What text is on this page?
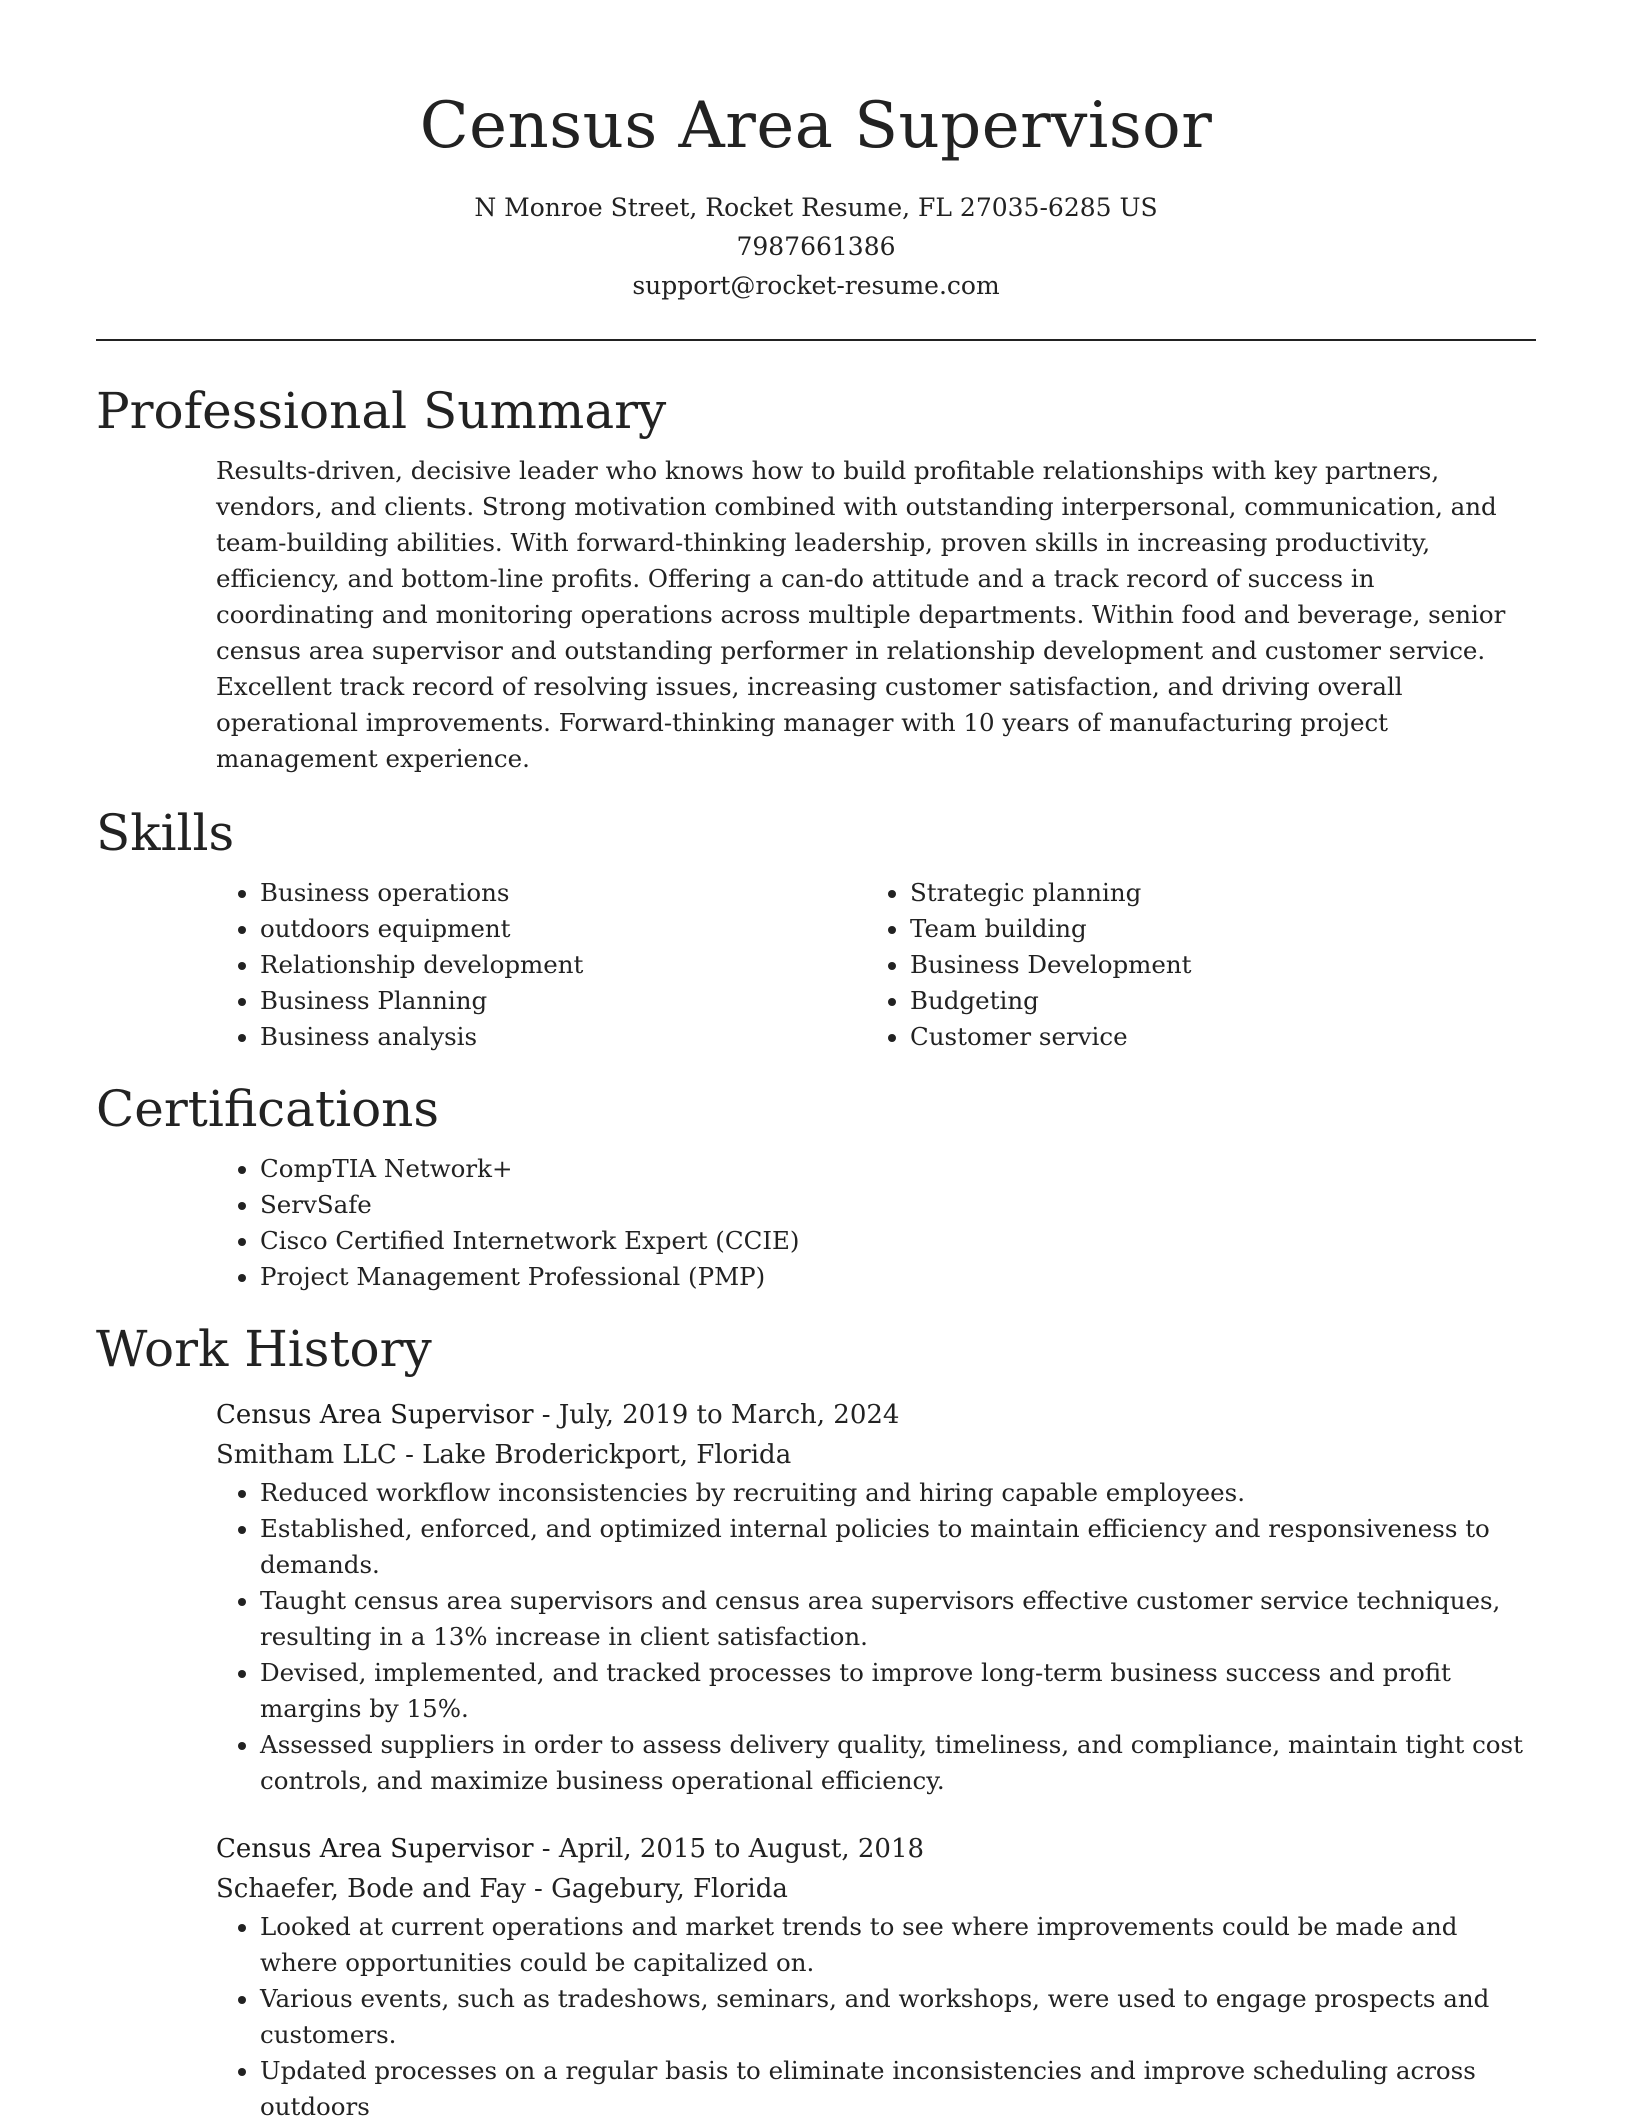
Census Area Supervisor
N Monroe Street, Rocket Resume, FL 27035-6285 US
7987661386
support@rocket-resume.com
Professional Summary

Results-driven, decisive leader who knows how to build profitable relationships with key partners, vendors, and clients. Strong motivation combined with outstanding interpersonal, communication, and team-building abilities. With forward-thinking leadership, proven skills in increasing productivity, efficiency, and bottom-line profits. Offering a can-do attitude and a track record of success in coordinating and monitoring operations across multiple departments. Within food and beverage, senior census area supervisor and outstanding performer in relationship development and customer service. Excellent track record of resolving issues, increasing customer satisfaction, and driving overall operational improvements. Forward-thinking manager with 10 years of manufacturing project management experience.

Skills
• Business operations
• outdoors equipment
• Relationship development
• Business Planning
• Business analysis
• Strategic planning
• Team building
• Business Development
• Budgeting
• Customer service
Certifications
• CompTIA Network+
• ServSafe
• Cisco Certified Internetwork Expert (CCIE)
• Project Management Professional (PMP)
Work History
Census Area Supervisor - July, 2019 to March, 2024
Smitham LLC - Lake Broderickport, Florida
• Reduced workflow inconsistencies by recruiting and hiring capable employees.
• Established, enforced, and optimized internal policies to maintain efficiency and responsiveness to demands.
• Taught census area supervisors and census area supervisors effective customer service techniques, resulting in a 13% increase in client satisfaction.
• Devised, implemented, and tracked processes to improve long-term business success and profit margins by 15%.
• Assessed suppliers in order to assess delivery quality, timeliness, and compliance, maintain tight cost controls, and maximize business operational efficiency.
Census Area Supervisor - April, 2015 to August, 2018
Schaefer, Bode and Fay - Gagebury, Florida
• Looked at current operations and market trends to see where improvements could be made and where opportunities could be capitalized on.
• Various events, such as tradeshows, seminars, and workshops, were used to engage prospects and customers.
• Updated processes on a regular basis to eliminate inconsistencies and improve scheduling across outdoors
